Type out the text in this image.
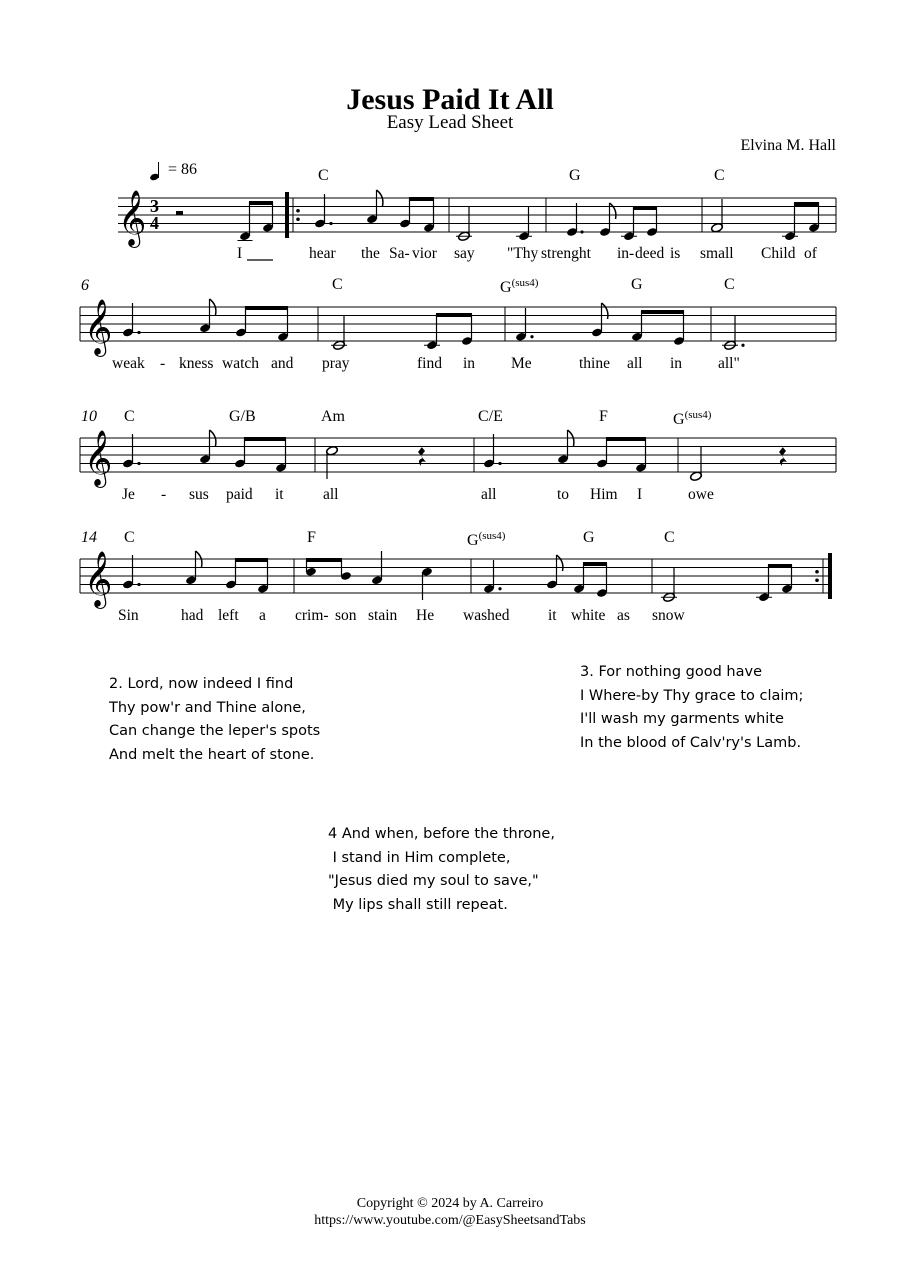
Jesus Paid It All
Easy Lead Sheet
Elvina M. Hall
= 86	C	G	C
𝄞 3
4
I	hear the Sa- vior say "Thy strenght in- deed is small Child of
6	C	$G^{(sus4)}$	G	C
𝄞
weak - kness watch and pray	find in Me	thine all in all"
10 C	G/B	Am	C/E	F	$G^{(sus4)}$
𝄞
Je - sus paid it	all	all	to Him I	owe
14 C	F	$G^{(sus4)}$	G	C
𝄞
Sin	had left a crim- son stain He washed it white as snow
2. Lord, now indeed I find
Thy pow'r and Thine alone,
Can change the leper's spots
And melt the heart of stone.
3. For nothing good have
I Where-by Thy grace to claim;
I'll wash my garments white
In the blood of Calv'ry's Lamb.
4 And when, before the throne,
I stand in Him complete,
"Jesus died my soul to save,"
My lips shall still repeat.
Copyright © 2024 by A. Carreiro
https://www.youtube.com/@EasySheetsandTabs
